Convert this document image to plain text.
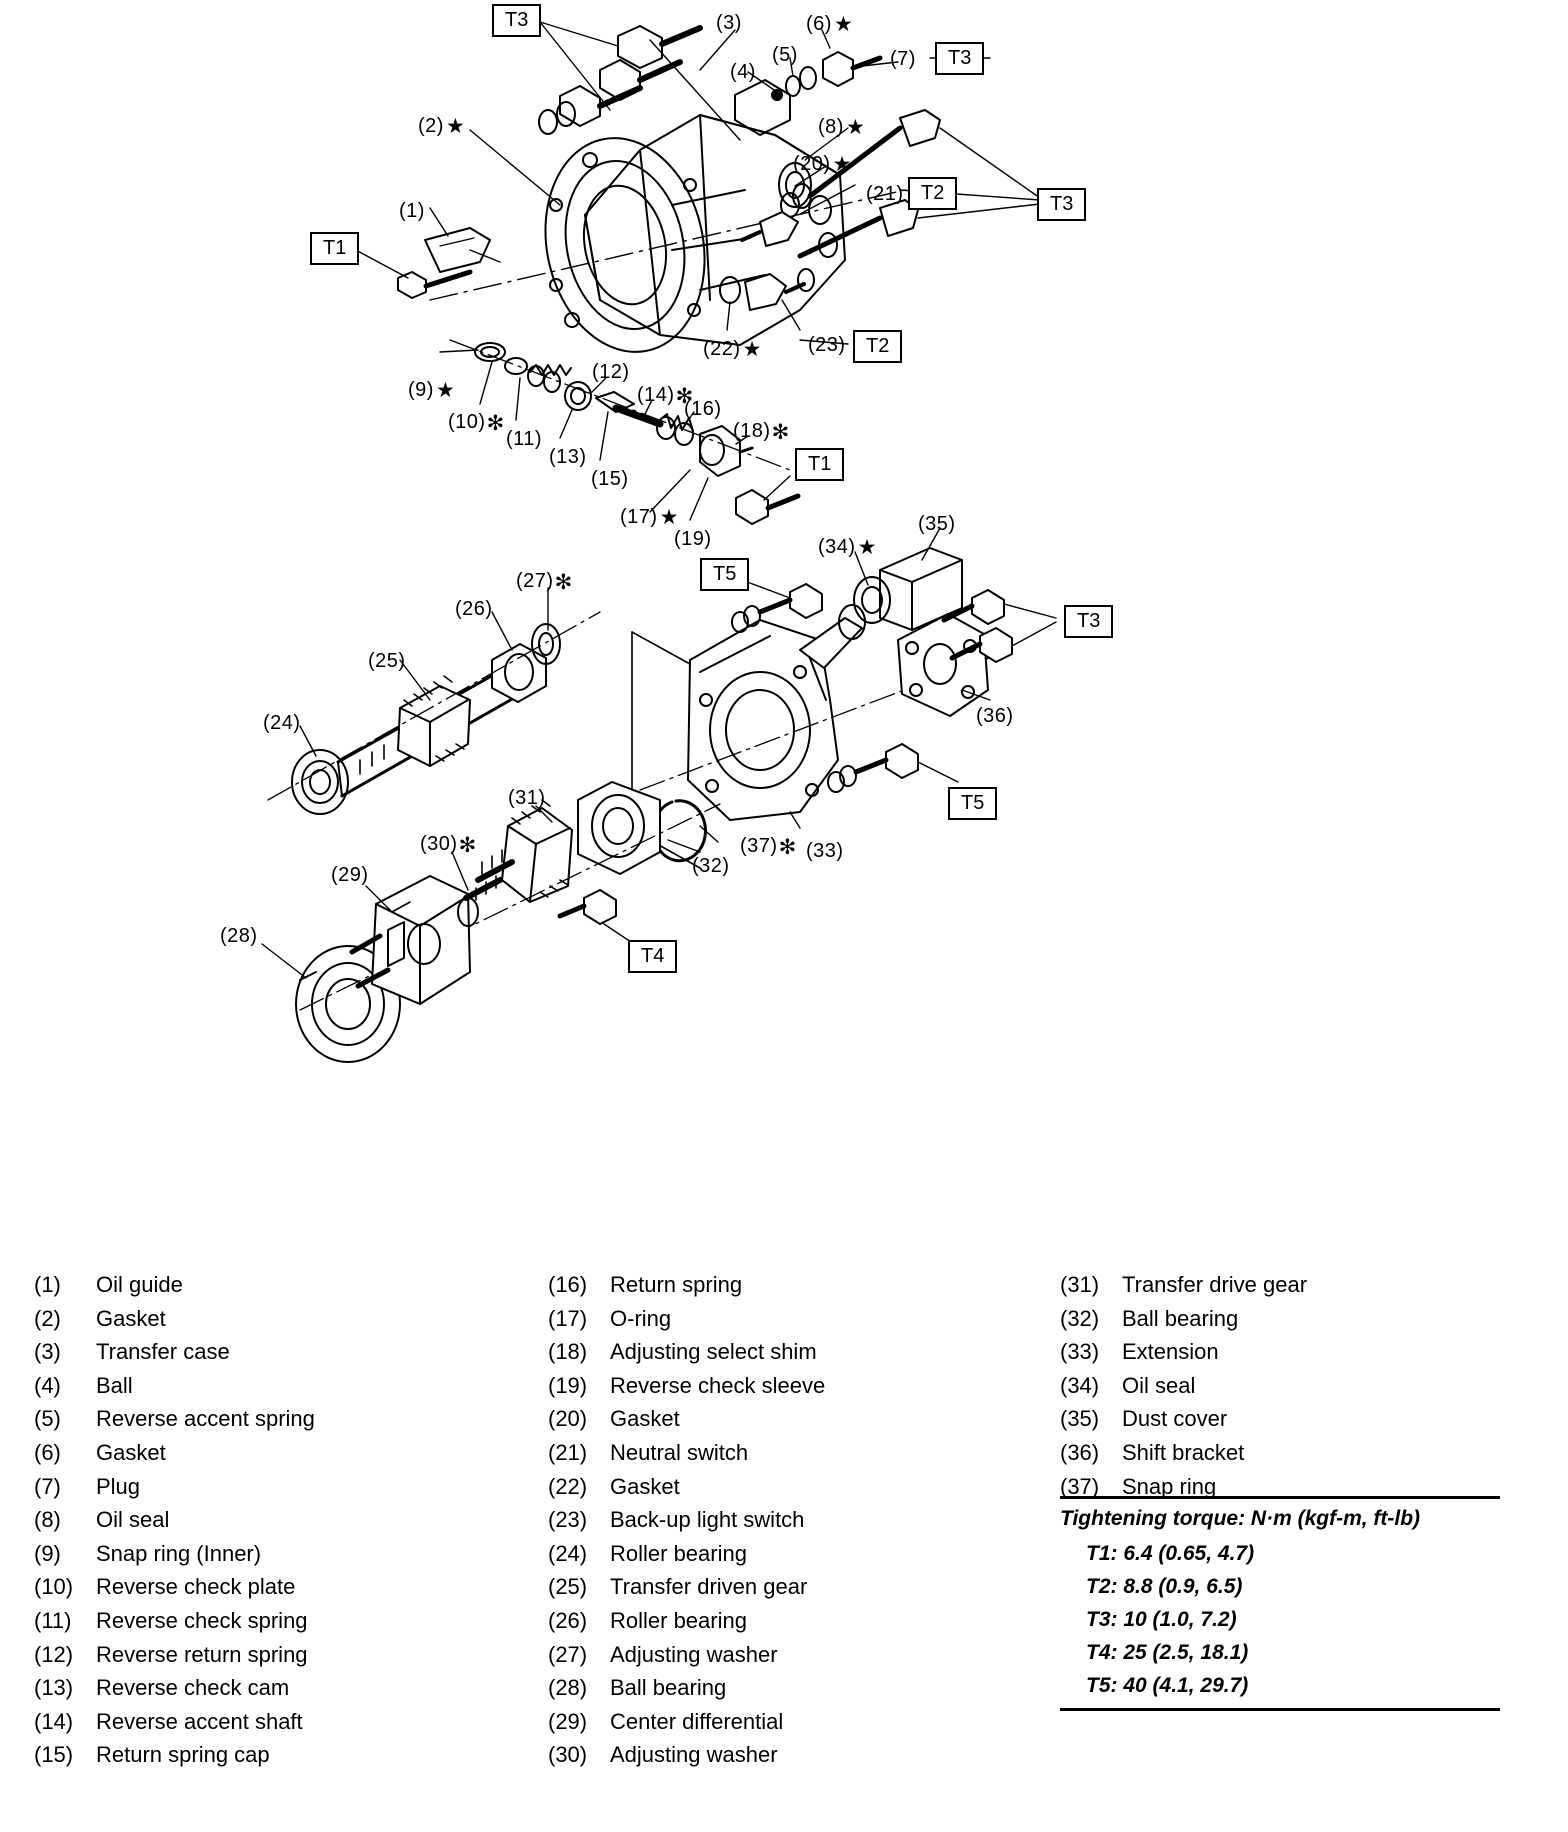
(3)	(6)★
(5)	(7)
(4)
(2)★	(8)★
(20)★
(1)
(21)
(22)★ (23)
(9)★
(12)
(14)✻
(16)
(10)✻	(18)✻
(11)
(13)
(15)
(17)★
(19)
(35)
(34)★
(27)✻
(26)
(25)
(36)
(24)
(31)
(37)✻ (33)
(32)
(30)✻
(29)
(28)
T3
T3
T3
T1
T2
T2
T1
T5
T3
T5
T4
(1)	Oil guide
(2)	Gasket
(3)	Transfer case
(4)	Ball
(5)	Reverse accent spring
(6)	Gasket
(7)	Plug
(8)	Oil seal
(9)	Snap ring (Inner)
(10)	Reverse check plate
(11)	Reverse check spring
(12)	Reverse return spring
(13)	Reverse check cam
(14)	Reverse accent shaft
(15)	Return spring cap
(16)	Return spring
(17)	O-ring
(18)	Adjusting select shim
(19)	Reverse check sleeve
(20)	Gasket
(21)	Neutral switch
(22)	Gasket
(23)	Back-up light switch
(24)	Roller bearing
(25)	Transfer driven gear
(26)	Roller bearing
(27)	Adjusting washer
(28)	Ball bearing
(29)	Center differential
(30)	Adjusting washer
(31)	Transfer drive gear
(32)	Ball bearing
(33)	Extension
(34)	Oil seal
(35)	Dust cover
(36)	Shift bracket
(37)	Snap ring
Tightening torque: N·m (kgf-m, ft-lb)
T1: 6.4 (0.65, 4.7)
T2: 8.8 (0.9, 6.5)
T3: 10 (1.0, 7.2)
T4: 25 (2.5, 18.1)
T5: 40 (4.1, 29.7)
